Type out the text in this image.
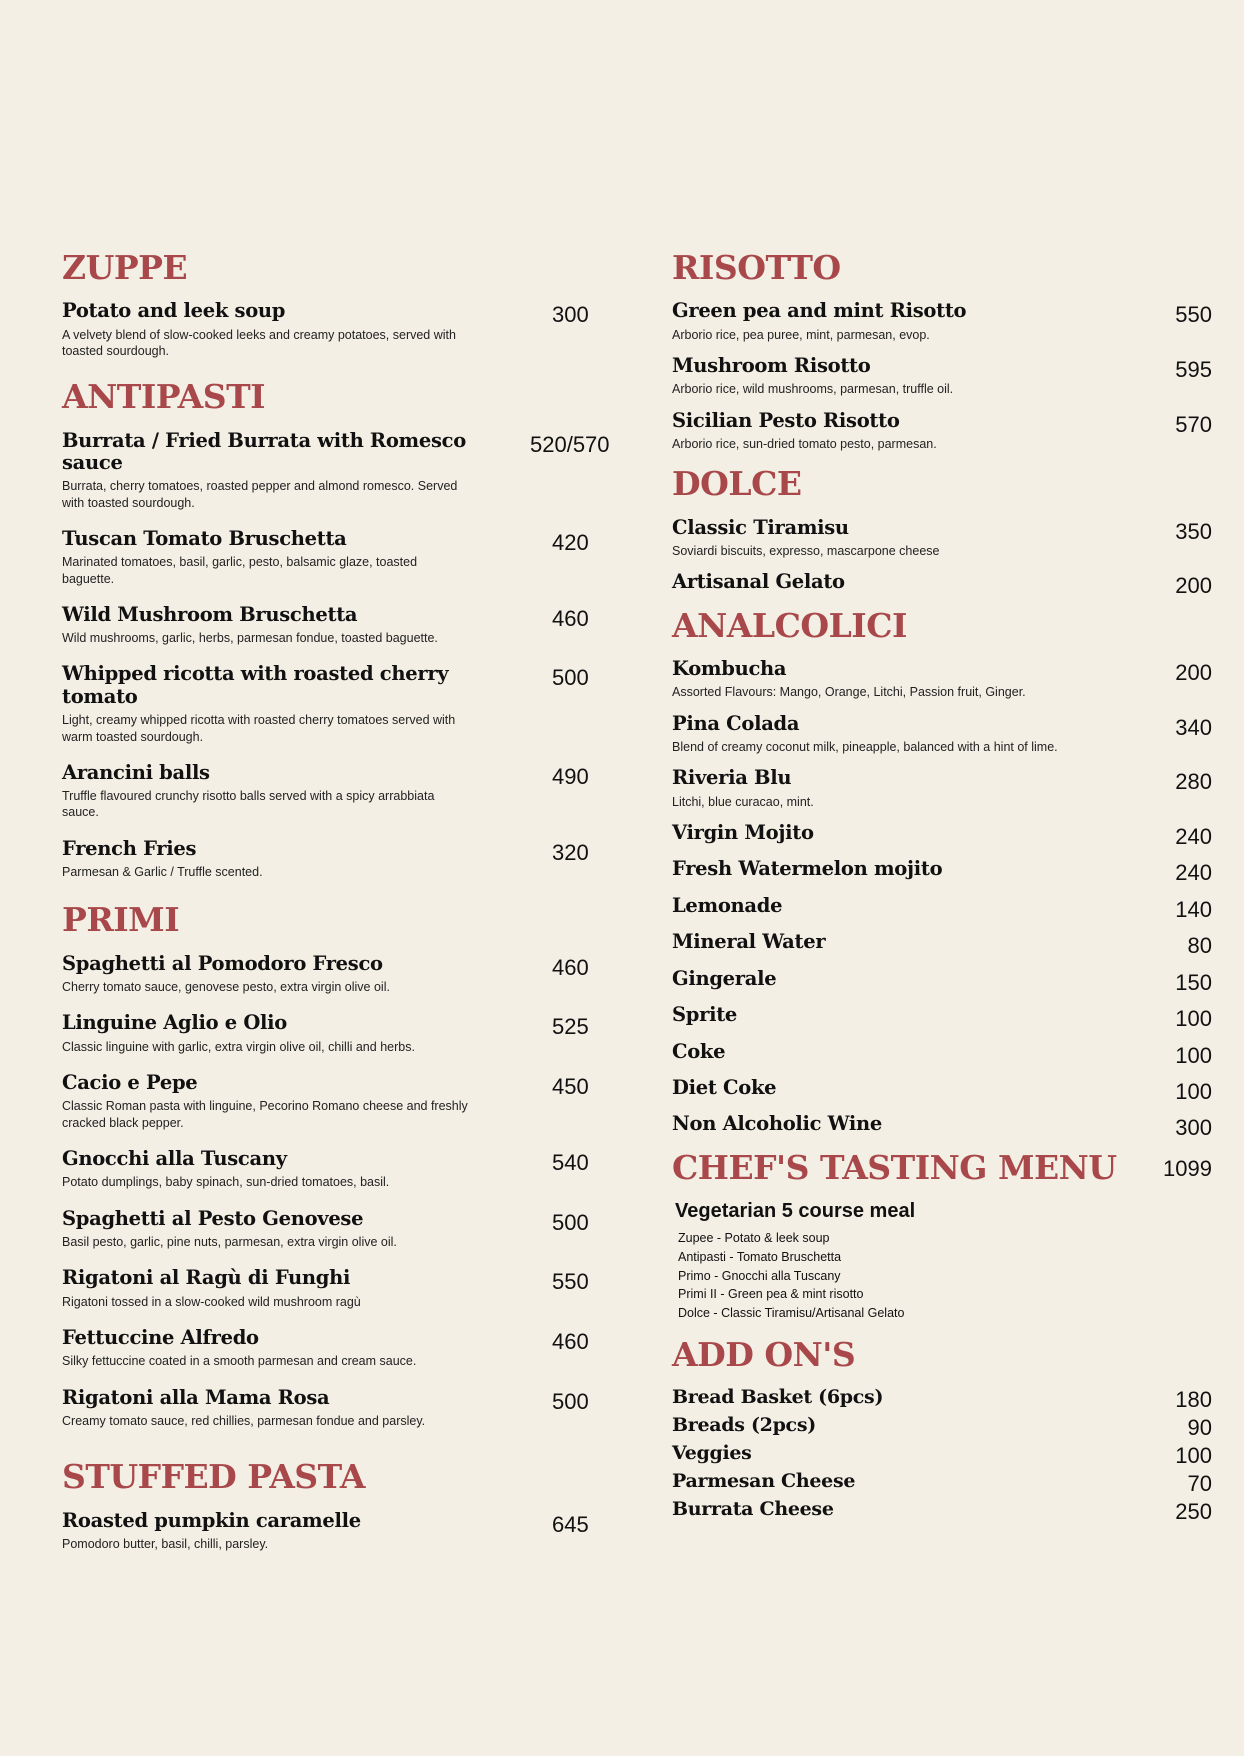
ZUPPE
Potato and leek soup
A velvety blend of slow-cooked leeks and creamy potatoes, served with toasted sourdough.
300
ANTIPASTI
Burrata / Fried Burrata with Romesco sauce
Burrata, cherry tomatoes, roasted pepper and almond romesco. Served with toasted sourdough.
520/570
Tuscan Tomato Bruschetta
Marinated tomatoes, basil, garlic, pesto, balsamic glaze, toasted baguette.
420
Wild Mushroom Bruschetta
Wild mushrooms, garlic, herbs, parmesan fondue, toasted baguette.
460
Whipped ricotta with roasted cherry tomato
Light, creamy whipped ricotta with roasted cherry tomatoes served with warm toasted sourdough.
500
Arancini balls
Truffle flavoured crunchy risotto balls served with a spicy arrabbiata sauce.
490
French Fries
Parmesan & Garlic / Truffle scented.
320
PRIMI
Spaghetti al Pomodoro Fresco
Cherry tomato sauce, genovese pesto, extra virgin olive oil.
460
Linguine Aglio e Olio
Classic linguine with garlic, extra virgin olive oil, chilli and herbs.
525
Cacio e Pepe
Classic Roman pasta with linguine, Pecorino Romano cheese and freshly cracked black pepper.
450
Gnocchi alla Tuscany
Potato dumplings, baby spinach, sun-dried tomatoes, basil.
540
Spaghetti al Pesto Genovese
Basil pesto, garlic, pine nuts, parmesan, extra virgin olive oil.
500
Rigatoni al Ragù di Funghi
Rigatoni tossed in a slow-cooked wild mushroom ragù
550
Fettuccine Alfredo
Silky fettuccine coated in a smooth parmesan and cream sauce.
460
Rigatoni alla Mama Rosa
Creamy tomato sauce, red chillies, parmesan fondue and parsley.
500
STUFFED PASTA
Roasted pumpkin caramelle
Pomodoro butter, basil, chilli, parsley.
645
RISOTTO
Green pea and mint Risotto
Arborio rice, pea puree, mint, parmesan, evop.
550
Mushroom Risotto
Arborio rice, wild mushrooms, parmesan, truffle oil.
595
Sicilian Pesto Risotto
Arborio rice, sun-dried tomato pesto, parmesan.
570
DOLCE
Classic Tiramisu
Soviardi biscuits, expresso, mascarpone cheese
350
Artisanal Gelato	200
ANALCOLICI
Kombucha
Assorted Flavours: Mango, Orange, Litchi, Passion fruit, Ginger.
200
Pina Colada
Blend of creamy coconut milk, pineapple, balanced with a hint of lime.
340
Riveria Blu
Litchi, blue curacao, mint.
280
Virgin Mojito	240
Fresh Watermelon mojito	240
Lemonade	140
Mineral Water	80
Gingerale	150
Sprite	100
Coke	100
Diet Coke	100
Non Alcoholic Wine	300
CHEF'S TASTING MENU	1099
Vegetarian 5 course meal
Zupee - Potato & leek soup
Antipasti - Tomato Bruschetta
Primo - Gnocchi alla Tuscany
Primi II - Green pea & mint risotto
Dolce - Classic Tiramisu/Artisanal Gelato
ADD ON'S
Bread Basket (6pcs)	180
Breads (2pcs)	90
Veggies	100
Parmesan Cheese	70
Burrata Cheese	250
